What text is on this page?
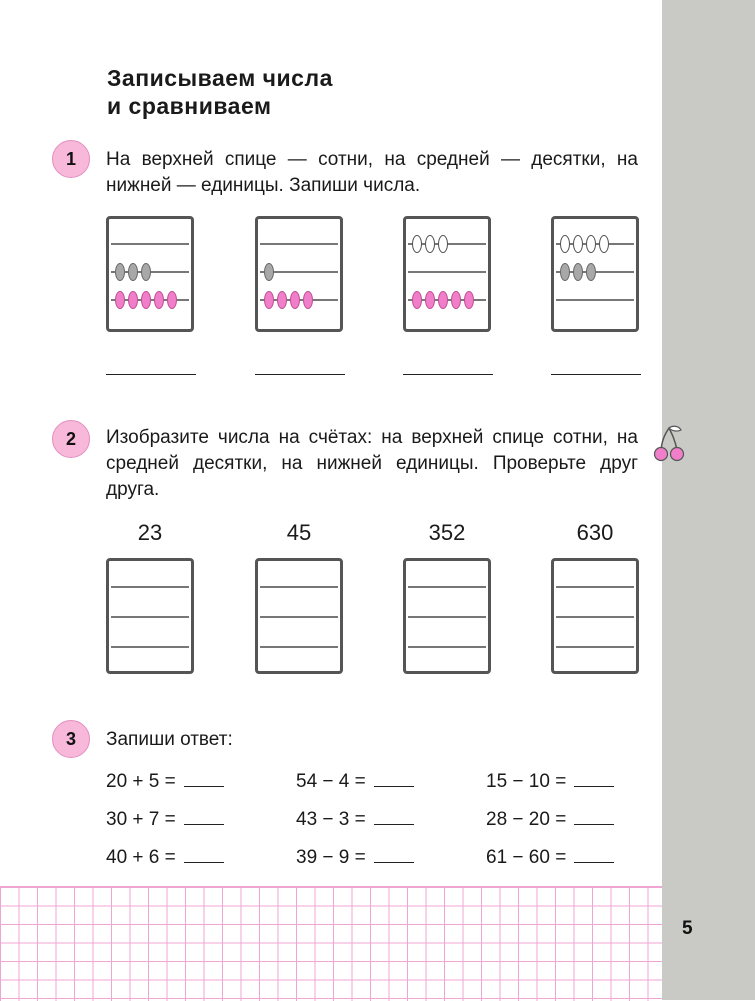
5
Записываем числа
и сравниваем
1	На верхней спице — сотни, на средней — десятки, на нижней — единицы. Запиши числа.
2	Изобразите числа на счётах: на верхней спице сотни, на средней десятки, на нижней единицы. Проверьте друг друга.
23	45	352	630
3	Запиши ответ:
20 + 5 =	54 − 4 =	15 − 10 =
30 + 7 =	43 − 3 =	28 − 20 =
40 + 6 =	39 − 9 =	61 − 60 =
